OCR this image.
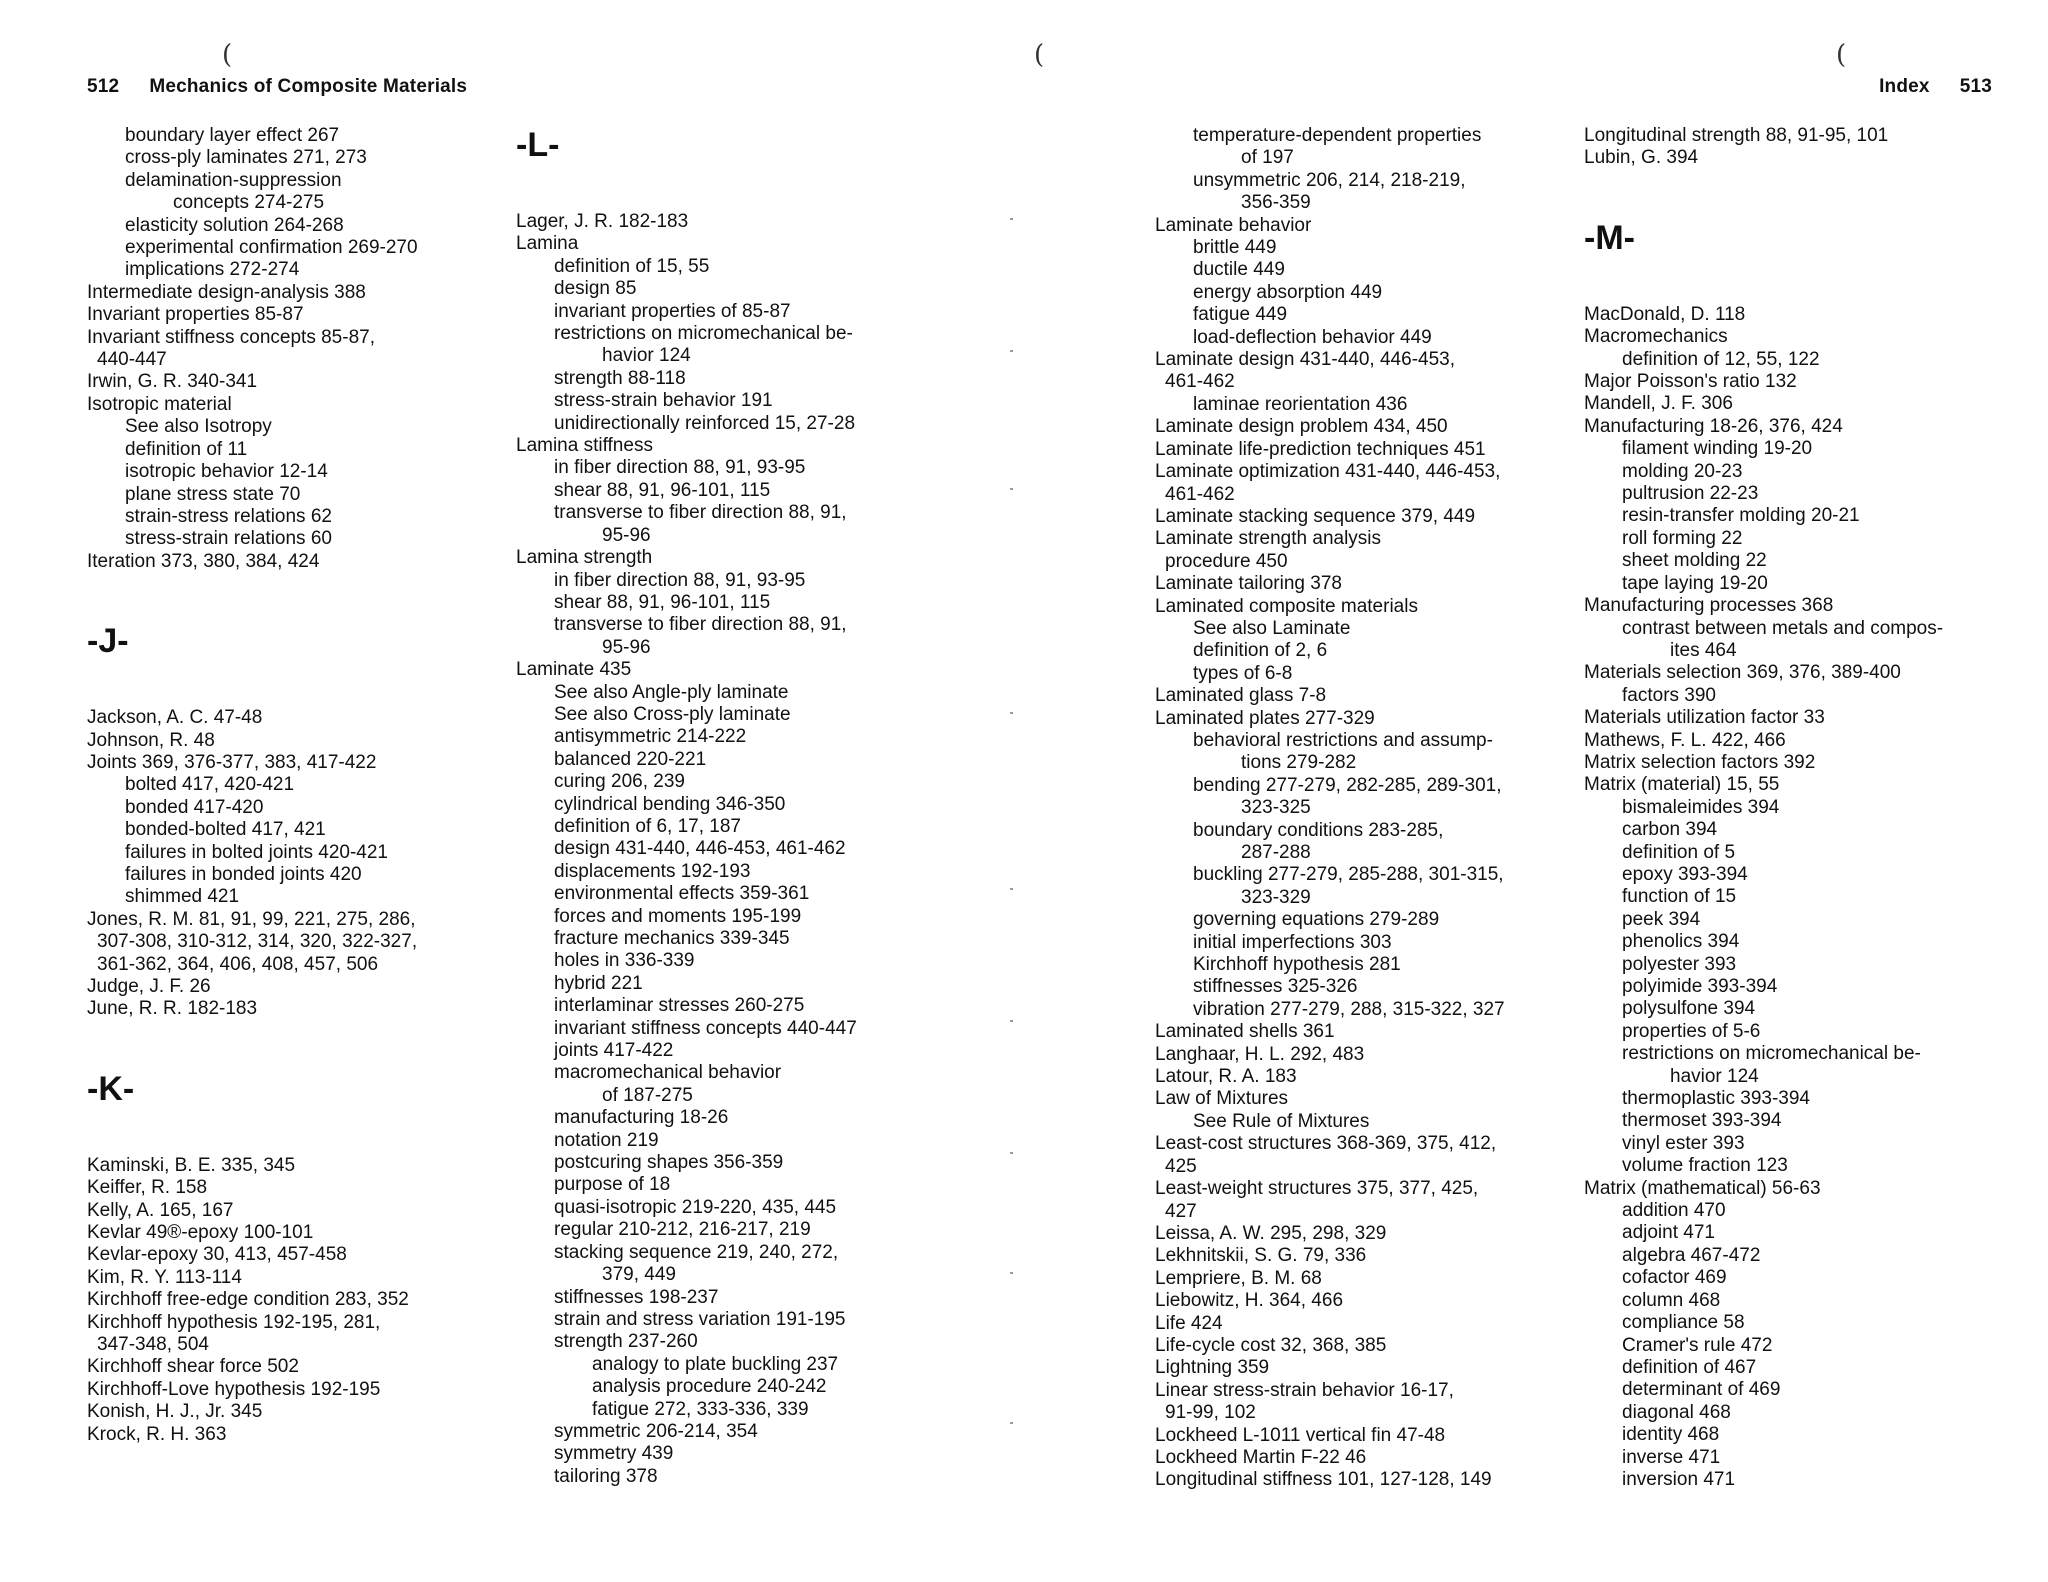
(
512 Mechanics of Composite Materials
boundary layer effect 267
cross-ply laminates 271, 273
delamination-suppression
concepts 274-275
elasticity solution 264-268
experimental confirmation 269-270
implications 272-274
Intermediate design-analysis 388
Invariant properties 85-87
Invariant stiffness concepts 85-87,
440-447
Irwin, G. R. 340-341
Isotropic material
See also Isotropy
definition of 11
isotropic behavior 12-14
plane stress state 70
strain-stress relations 62
stress-strain relations 60
Iteration 373, 380, 384, 424
-J-
Jackson, A. C. 47-48
Johnson, R. 48
Joints 369, 376-377, 383, 417-422
bolted 417, 420-421
bonded 417-420
bonded-bolted 417, 421
failures in bolted joints 420-421
failures in bonded joints 420
shimmed 421
Jones, R. M. 81, 91, 99, 221, 275, 286,
307-308, 310-312, 314, 320, 322-327,
361-362, 364, 406, 408, 457, 506
Judge, J. F. 26
June, R. R. 182-183
-K-
Kaminski, B. E. 335, 345
Keiffer, R. 158
Kelly, A. 165, 167
Kevlar 49®-epoxy 100-101
Kevlar-epoxy 30, 413, 457-458
Kim, R. Y. 113-114
Kirchhoff free-edge condition 283, 352
Kirchhoff hypothesis 192-195, 281,
347-348, 504
Kirchhoff shear force 502
Kirchhoff-Love hypothesis 192-195
Konish, H. J., Jr. 345
Krock, R. H. 363
-L-
Lager, J. R. 182-183
Lamina
definition of 15, 55
design 85
invariant properties of 85-87
restrictions on micromechanical be-
havior 124
strength 88-118
stress-strain behavior 191
unidirectionally reinforced 15, 27-28
Lamina stiffness
in fiber direction 88, 91, 93-95
shear 88, 91, 96-101, 115
transverse to fiber direction 88, 91,
95-96
Lamina strength
in fiber direction 88, 91, 93-95
shear 88, 91, 96-101, 115
transverse to fiber direction 88, 91,
95-96
Laminate 435
See also Angle-ply laminate
See also Cross-ply laminate
antisymmetric 214-222
balanced 220-221
curing 206, 239
cylindrical bending 346-350
definition of 6, 17, 187
design 431-440, 446-453, 461-462
displacements 192-193
environmental effects 359-361
forces and moments 195-199
fracture mechanics 339-345
holes in 336-339
hybrid 221
interlaminar stresses 260-275
invariant stiffness concepts 440-447
joints 417-422
macromechanical behavior
of 187-275
manufacturing 18-26
notation 219
postcuring shapes 356-359
purpose of 18
quasi-isotropic 219-220, 435, 445
regular 210-212, 216-217, 219
stacking sequence 219, 240, 272,
379, 449
stiffnesses 198-237
strain and stress variation 191-195
strength 237-260
analogy to plate buckling 237
analysis procedure 240-242
fatigue 272, 333-336, 339
symmetric 206-214, 354
symmetry 439
tailoring 378
(	(
Index 513
temperature-dependent properties
of 197
unsymmetric 206, 214, 218-219,
356-359
Laminate behavior
brittle 449
ductile 449
energy absorption 449
fatigue 449
load-deflection behavior 449
Laminate design 431-440, 446-453,
461-462
laminae reorientation 436
Laminate design problem 434, 450
Laminate life-prediction techniques 451
Laminate optimization 431-440, 446-453,
461-462
Laminate stacking sequence 379, 449
Laminate strength analysis
procedure 450
Laminate tailoring 378
Laminated composite materials
See also Laminate
definition of 2, 6
types of 6-8
Laminated glass 7-8
Laminated plates 277-329
behavioral restrictions and assump-
tions 279-282
bending 277-279, 282-285, 289-301,
323-325
boundary conditions 283-285,
287-288
buckling 277-279, 285-288, 301-315,
323-329
governing equations 279-289
initial imperfections 303
Kirchhoff hypothesis 281
stiffnesses 325-326
vibration 277-279, 288, 315-322, 327
Laminated shells 361
Langhaar, H. L. 292, 483
Latour, R. A. 183
Law of Mixtures
See Rule of Mixtures
Least-cost structures 368-369, 375, 412,
425
Least-weight structures 375, 377, 425,
427
Leissa, A. W. 295, 298, 329
Lekhnitskii, S. G. 79, 336
Lempriere, B. M. 68
Liebowitz, H. 364, 466
Life 424
Life-cycle cost 32, 368, 385
Lightning 359
Linear stress-strain behavior 16-17,
91-99, 102
Lockheed L-1011 vertical fin 47-48
Lockheed Martin F-22 46
Longitudinal stiffness 101, 127-128, 149
Longitudinal strength 88, 91-95, 101
Lubin, G. 394
-M-
MacDonald, D. 118
Macromechanics
definition of 12, 55, 122
Major Poisson's ratio 132
Mandell, J. F. 306
Manufacturing 18-26, 376, 424
filament winding 19-20
molding 20-23
pultrusion 22-23
resin-transfer molding 20-21
roll forming 22
sheet molding 22
tape laying 19-20
Manufacturing processes 368
contrast between metals and compos-
ites 464
Materials selection 369, 376, 389-400
factors 390
Materials utilization factor 33
Mathews, F. L. 422, 466
Matrix selection factors 392
Matrix (material) 15, 55
bismaleimides 394
carbon 394
definition of 5
epoxy 393-394
function of 15
peek 394
phenolics 394
polyester 393
polyimide 393-394
polysulfone 394
properties of 5-6
restrictions on micromechanical be-
havior 124
thermoplastic 393-394
thermoset 393-394
vinyl ester 393
volume fraction 123
Matrix (mathematical) 56-63
addition 470
adjoint 471
algebra 467-472
cofactor 469
column 468
compliance 58
Cramer's rule 472
definition of 467
determinant of 469
diagonal 468
identity 468
inverse 471
inversion 471
